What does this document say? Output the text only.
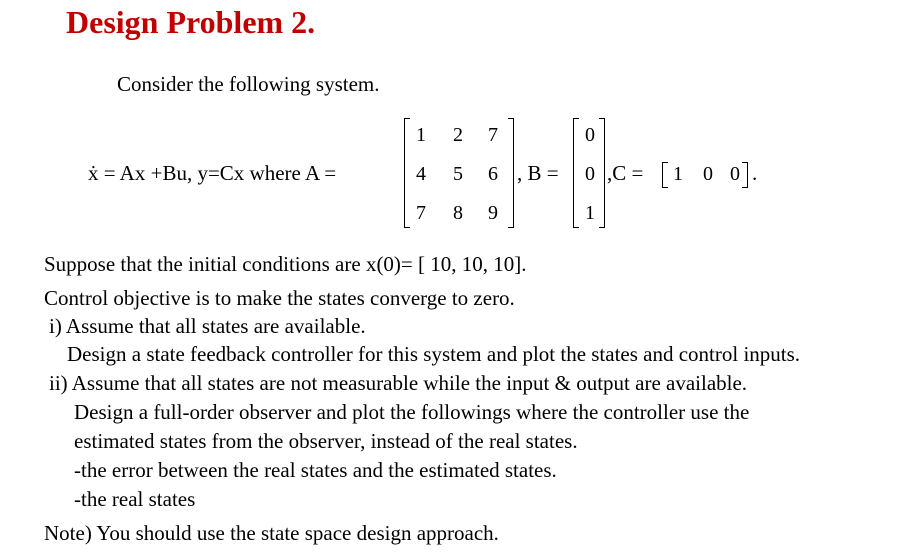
Design Problem 2.
Consider the following system.
ẋ = Ax +Bu, y=Cx where A =
1 2 7
4 5 6
7 8 9
, B =
0
0
1
,C = 1 0 0 .
Suppose that the initial conditions are x(0)= [ 10, 10, 10].
Control objective is to make the states converge to zero.
i) Assume that all states are available.
Design a state feedback controller for this system and plot the states and control inputs.
ii) Assume that all states are not measurable while the input & output are available.
Design a full-order observer and plot the followings where the controller use the
estimated states from the observer, instead of the real states.
-the error between the real states and the estimated states.
-the real states
Note) You should use the state space design approach.
